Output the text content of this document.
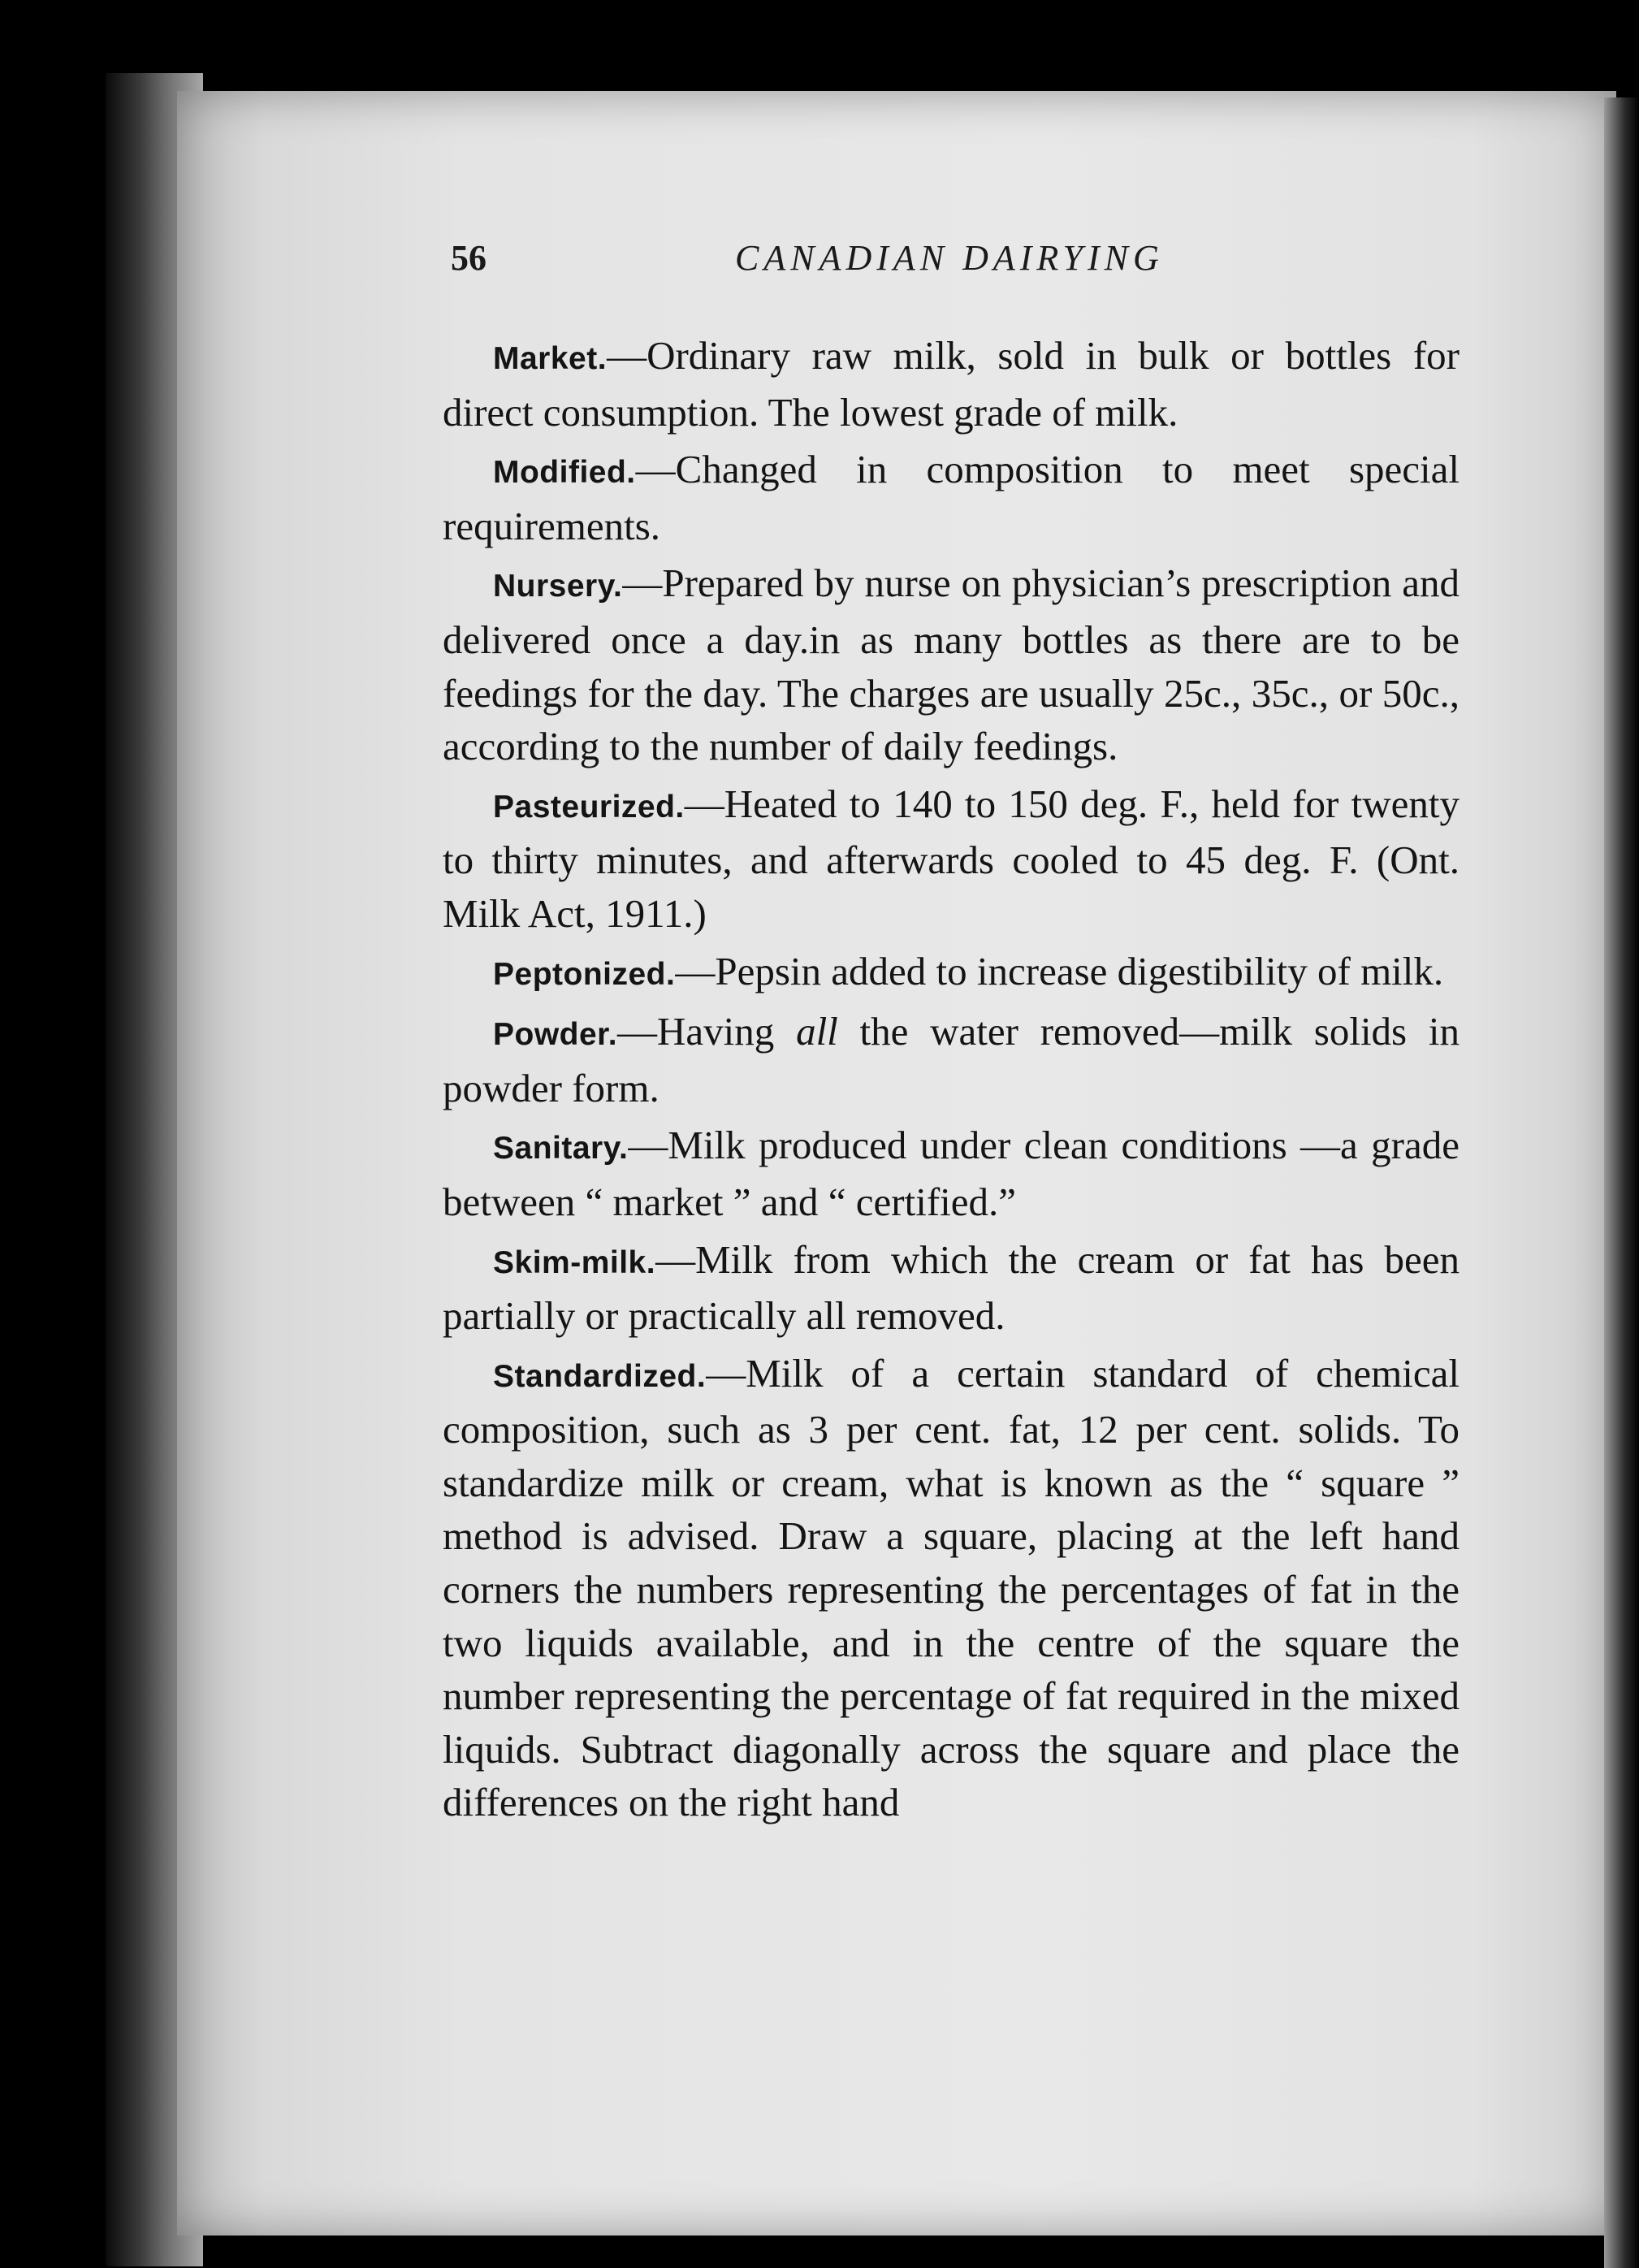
56	CANADIAN DAIRYING

Market.—Ordinary raw milk, sold in bulk or bottles for direct consumption. The lowest grade of milk.

Modified.—Changed in composition to meet special requirements.

Nursery.—Prepared by nurse on physician’s prescription and delivered once a day.in as many bottles as there are to be feedings for the day. The charges are usually 25c., 35c., or 50c., according to the number of daily feedings.

Pasteurized.—Heated to 140 to 150 deg. F., held for twenty to thirty minutes, and afterwards cooled to 45 deg. F. (Ont. Milk Act, 1911.)

Peptonized.—Pepsin added to increase digestibility of milk.

Powder.—Having all the water removed—milk solids in powder form.

Sanitary.—Milk produced under clean conditions —a grade between “ market ” and “ certified.”

Skim-milk.—Milk from which the cream or fat has been partially or practically all removed.

Standardized.—Milk of a certain standard of chemical composition, such as 3 per cent. fat, 12 per cent. solids. To standardize milk or cream, what is known as the “ square ” method is advised. Draw a square, placing at the left hand corners the numbers representing the percentages of fat in the two liquids available, and in the centre of the square the number representing the percentage of fat required in the mixed liquids. Subtract diagonally across the square and place the differences on the right hand
